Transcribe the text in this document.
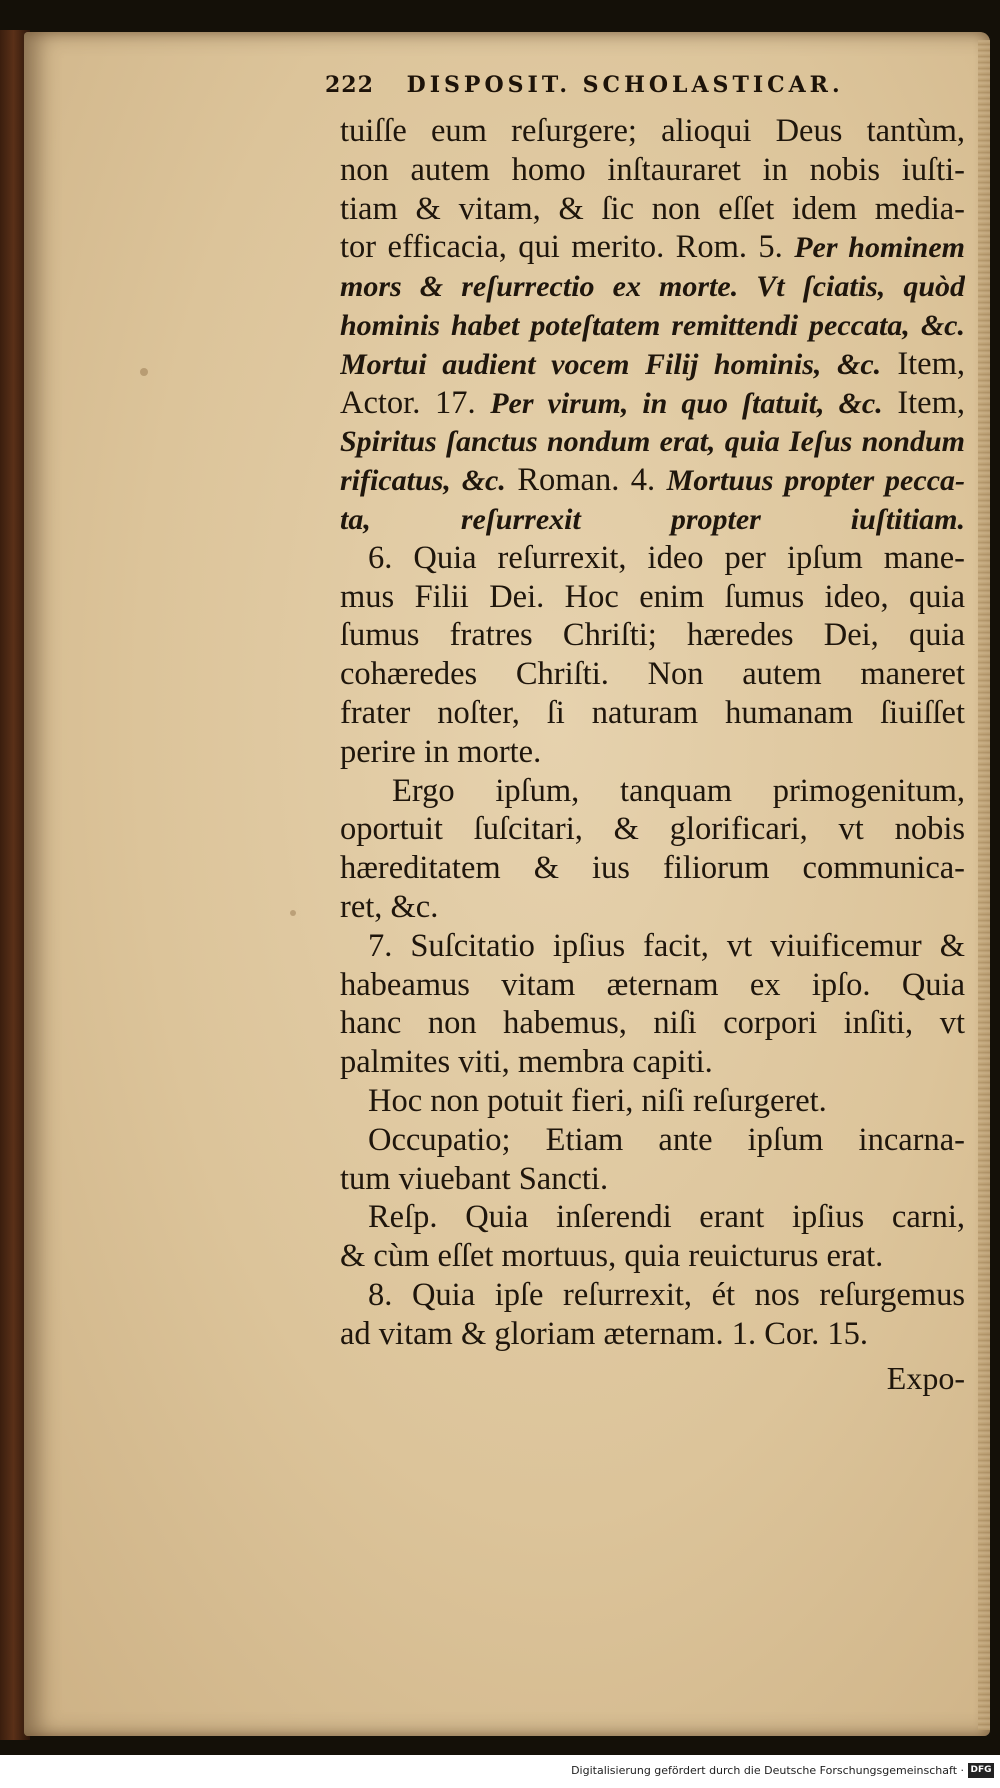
222 DISPOSIT. SCHOLASTICAR.
tuiſſe eum reſurgere; alioqui Deus tantùm,
non autem homo inſtauraret in nobis iuſti-
tiam & vitam, & ſic non eſſet idem media-
tor efficacia, qui merito. Rom. 5. Per hominem
mors & reſurrectio ex morte. Vt ſciatis, quòd
hominis habet poteſtatem remittendi peccata, &c.
Mortui audient vocem Filij hominis, &c. Item,
Actor. 17. Per virum, in quo ſtatuit, &c. Item,
Spiritus ſanctus nondum erat, quia Ieſus nondum
rificatus, &c. Roman. 4. Mortuus propter pecca-
ta, reſurrexit propter iuſtitiam.
6. Quia reſurrexit, ideo per ipſum mane-
mus Filii Dei. Hoc enim ſumus ideo, quia
ſumus fratres Chriſti; hæredes Dei, quia
cohæredes Chriſti. Non autem maneret
frater noſter, ſi naturam humanam ſiuiſſet
perire in morte.
Ergo ipſum, tanquam primogenitum,
oportuit ſuſcitari, & glorificari, vt nobis
hæreditatem & ius filiorum communica-
ret, &c.
7. Suſcitatio ipſius facit, vt viuificemur &
habeamus vitam æternam ex ipſo. Quia
hanc non habemus, niſi corpori inſiti, vt
palmites viti, membra capiti.
Hoc non potuit fieri, niſi reſurgeret.
Occupatio; Etiam ante ipſum incarna-
tum viuebant Sancti.
Reſp. Quia inſerendi erant ipſius carni,
& cùm eſſet mortuus, quia reuicturus erat.
8. Quia ipſe reſurrexit, ét nos reſurgemus
ad vitam & gloriam æternam. 1. Cor. 15.
Expo-
Digitalisierung gefördert durch die Deutsche Forschungsgemeinschaft · DFG
